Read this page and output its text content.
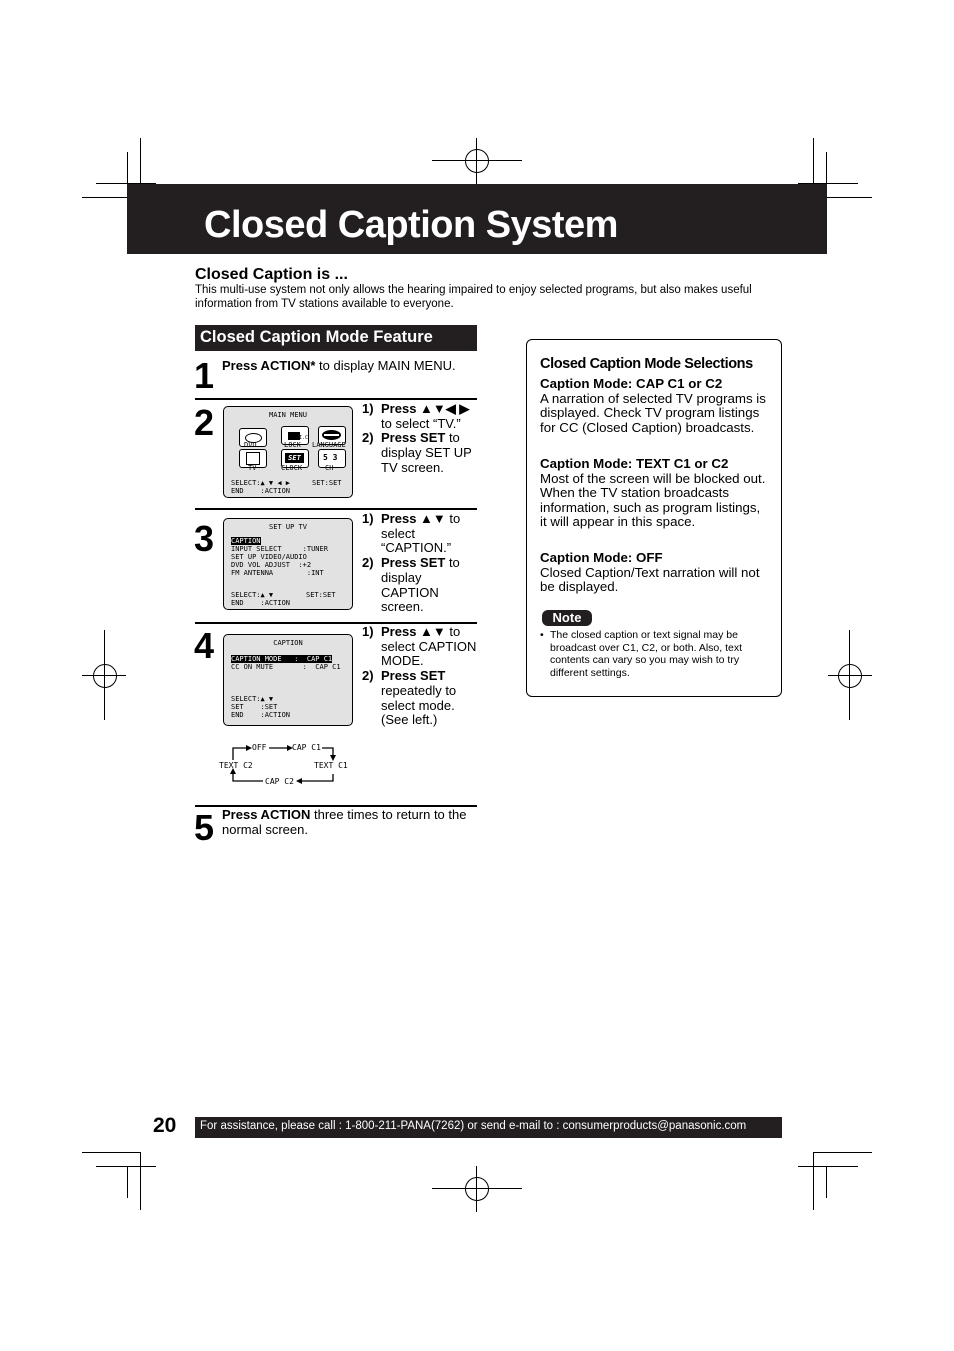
Closed Caption System
Closed Caption is ...
This multi-use system not only allows the hearing impaired to enjoy selected programs, but also makes useful information from TV stations available to everyone.
Closed Caption Mode Feature
1 Press ACTION* to display MAIN MENU.
2	MAIN MENU
I.C
DVD	LOCK LANGUAGE
SET	5 3
TV	CLOCK	CH
SELECT:▲ ▼ ◀ ▶	SET:SET
END    :ACTION
1) Press ▲▼◀ ▶ to select “TV.”
2) Press SET to display SET UP TV screen.
3	SET UP TV
CAPTION
INPUT SELECT     :TUNER
SET UP VIDEO/AUDIO
DVD VOL ADJUST  :+2
FM ANTENNA        :INT
SELECT:▲ ▼	SET:SET
END    :ACTION
1) Press ▲▼ to select “CAPTION.”
2) Press SET to display CAPTION screen.
4	CAPTION
CAPTION MODE   :  CAP C1
CC ON MUTE       :  CAP C1
SELECT:▲ ▼
SET    :SET
END    :ACTION
1) Press ▲▼ to select CAPTION MODE.
2) Press SET repeatedly to select mode. (See left.)
OFF	CAP C1
TEXT C1
CAP C2
TEXT C2
5 Press ACTION three times to return to the normal screen.
Closed Caption Mode Selections
Caption Mode: CAP C1 or C2
A narration of selected TV programs is displayed. Check TV program listings for CC (Closed Caption) broadcasts.
Caption Mode: TEXT C1 or C2
Most of the screen will be blocked out. When the TV station broadcasts information, such as program listings, it will appear in this space.
Caption Mode: OFF
Closed Caption/Text narration will not be displayed.
Note
• The closed caption or text signal may be broadcast over C1, C2, or both. Also, text contents can vary so you may wish to try different settings.
20 For assistance, please call : 1-800-211-PANA(7262) or send e-mail to : consumerproducts@panasonic.com
